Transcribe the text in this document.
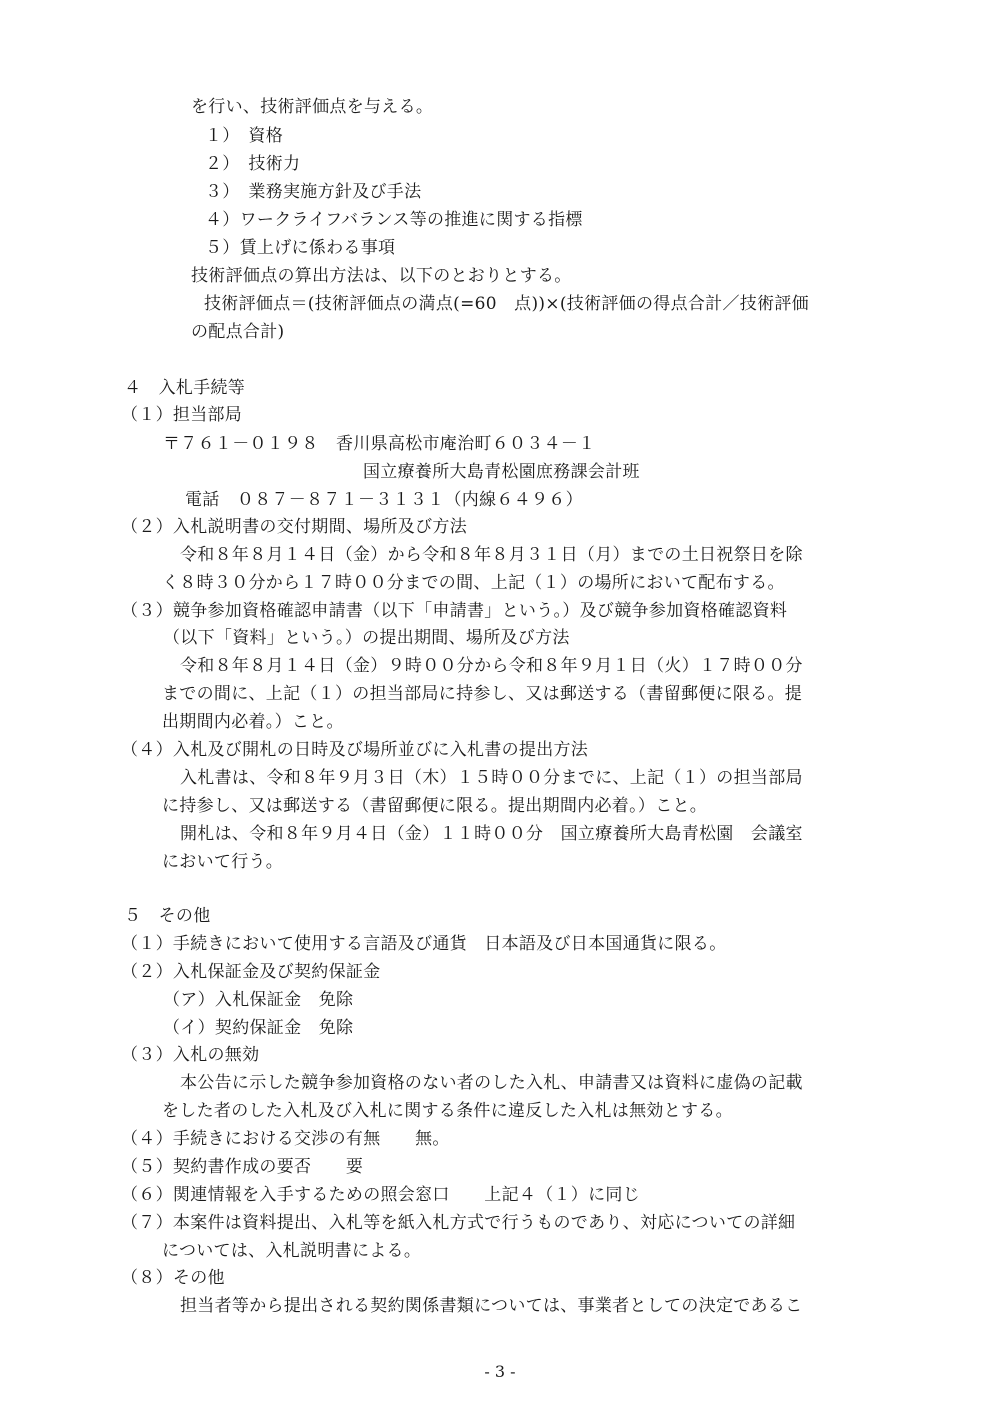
を行い、技術評価点を与える。
１）　資格
２）　技術力
３）　業務実施方針及び手法
４）ワークライフバランス等の推進に関する指標
５）賃上げに係わる事項
技術評価点の算出方法は、以下のとおりとする。
技術評価点＝(技術評価点の満点(=60　点))×(技術評価の得点合計／技術評価
の配点合計)
４　入札手続等
（１）担当部局
〒７６１－０１９８　香川県高松市庵治町６０３４－１
国立療養所大島青松園庶務課会計班
電話　０８７－８７１－３１３１（内線６４９６）
（２）入札説明書の交付期間、場所及び方法
令和８年８月１４日（金）から令和８年８月３１日（月）までの土日祝祭日を除
く８時３０分から１７時００分までの間、上記（１）の場所において配布する。
（３）競争参加資格確認申請書（以下「申請書」という。）及び競争参加資格確認資料
（以下「資料」という。）の提出期間、場所及び方法
令和８年８月１４日（金）９時００分から令和８年９月１日（火）１７時００分
までの間に、上記（１）の担当部局に持参し、又は郵送する（書留郵便に限る。提
出期間内必着。）こと。
（４）入札及び開札の日時及び場所並びに入札書の提出方法
入札書は、令和８年９月３日（木）１５時００分までに、上記（１）の担当部局
に持参し、又は郵送する（書留郵便に限る。提出期間内必着。）こと。
開札は、令和８年９月４日（金）１１時００分　国立療養所大島青松園　会議室
において行う。
５　その他
（１）手続きにおいて使用する言語及び通貨　日本語及び日本国通貨に限る。
（２）入札保証金及び契約保証金
（ア）入札保証金　免除
（イ）契約保証金　免除
（３）入札の無効
本公告に示した競争参加資格のない者のした入札、申請書又は資料に虚偽の記載
をした者のした入札及び入札に関する条件に違反した入札は無効とする。
（４）手続きにおける交渉の有無　　無。
（５）契約書作成の要否　　要
（６）関連情報を入手するための照会窓口　　上記４（１）に同じ
（７）本案件は資料提出、入札等を紙入札方式で行うものであり、対応についての詳細
については、入札説明書による。
（８）その他
担当者等から提出される契約関係書類については、事業者としての決定であるこ
- 3 -
